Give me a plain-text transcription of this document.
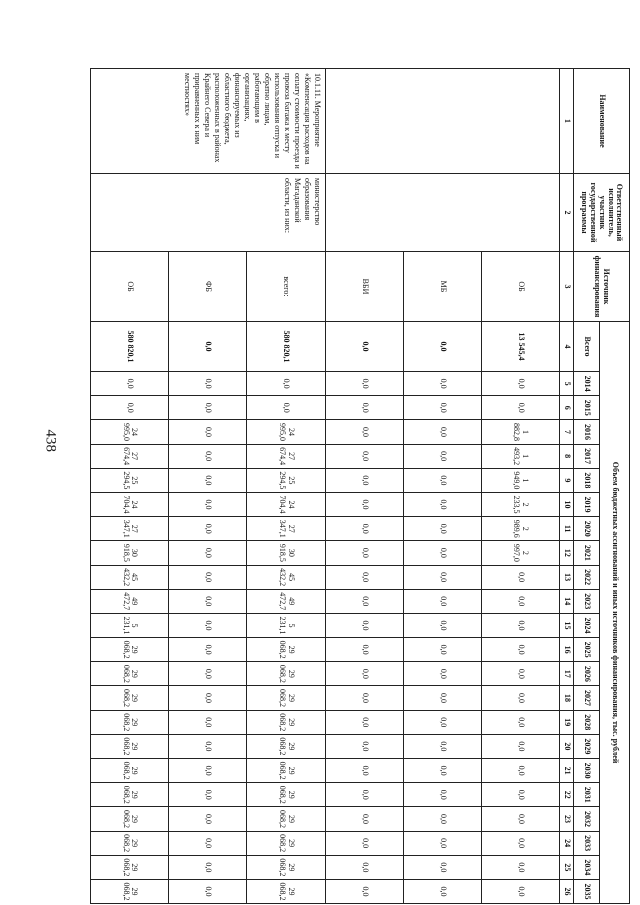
438
Наименование	Ответственный исполнитель, участник государственной программы	Источник финансирования	Объем бюджетных ассигнований и иных источников финансирования, тыс. рублей																						
			Всего	2014	2015	2016	2017	2018	2019	2020	2021	2022	2023	2024	2025	2026	2027	2028	2029	2030	2031	2032	2033	2034	2035
1	2	3	4	5	6	7	8	9	10	11	12	13	14	15	16	17	18	19	20	21	22	23	24	25	26
		ОБ	13 545,4	0,0	0,0	1 882,8	1 493,2	1 949,0	2 233,5	2 989,6	2 997,0	0,0	0,0	0,0	0,0	0,0	0,0	0,0	0,0	0,0	0,0	0,0	0,0	0,0	0,0
		МБ	0,0	0,0	0,0	0,0	0,0	0,0	0,0	0,0	0,0	0,0	0,0	0,0	0,0	0,0	0,0	0,0	0,0	0,0	0,0	0,0	0,0	0,0	0,0
		ВБИ	0,0	0,0	0,0	0,0	0,0	0,0	0,0	0,0	0,0	0,0	0,0	0,0	0,0	0,0	0,0	0,0	0,0	0,0	0,0	0,0	0,0	0,0	0,0
10.1.11. Мероприятие «Компенсация расходов на оплату стоимости проезда и провоза багажа к месту использования отпуска и обратно лицам, работающим в организациях, финансируемых из областного бюджета, расположенных в районах Крайнего Севера и приравненных к ним местностях»	министерство образования Магаданской области, из них:	всего:	580 820,1	0,0	0,0	24 995,0	27 674,4	25 294,5	24 704,4	27 347,1	30 918,5	45 432,2	49 472,7	5 231,1	29 068,2	29 068,2	29 068,2	29 068,2	29 068,2	29 068,2	29 068,2	29 068,2	29 068,2	29 068,2	29 068,2
		ФБ	0,0	0,0	0,0	0,0	0,0	0,0	0,0	0,0	0,0	0,0	0,0	0,0	0,0	0,0	0,0	0,0	0,0	0,0	0,0	0,0	0,0	0,0	0,0
		ОБ	580 820,1	0,0	0,0	24 995,0	27 674,4	25 294,5	24 704,4	27 347,1	30 918,5	45 432,2	49 472,7	5 231,1	29 068,2	29 068,2	29 068,2	29 068,2	29 068,2	29 068,2	29 068,2	29 068,2	29 068,2	29 068,2	29 068,2
